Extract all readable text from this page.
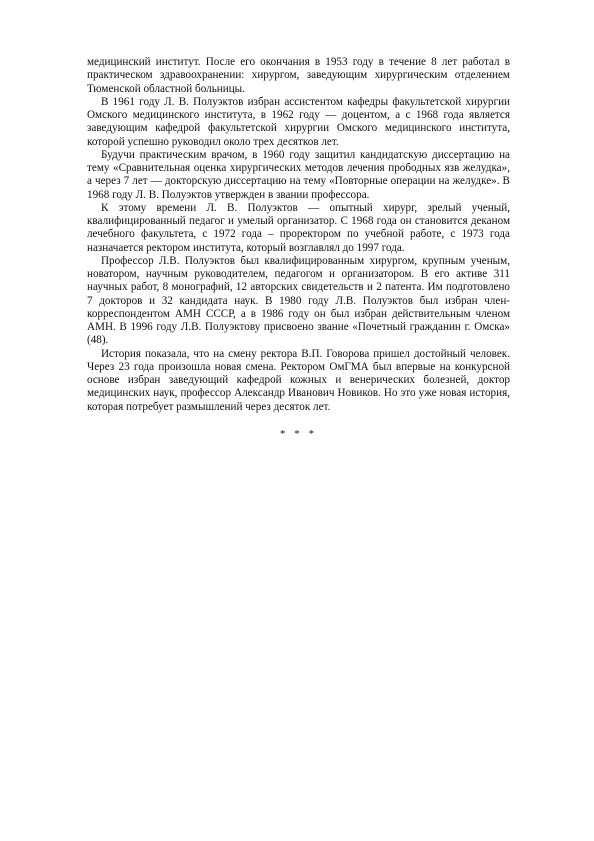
медицинский институт. После его окончания в 1953 году в течение 8 лет работал в практическом здравоохранении: хирургом, заведующим хирургическим отделением Тюменской областной больницы.

В 1961 году Л. В. Полуэктов избран ассистентом кафедры факультетской хирургии Омского медицинского института, в 1962 году — доцентом, а с 1968 года является заведующим кафедрой факультетской хирургии Омского медицинского института, которой успешно руководил около трех десятков лет.

Будучи практическим врачом, в 1960 году защитил кандидатскую диссертацию на тему «Сравнительная оценка хирургических методов лечения прободных язв желудка», а через 7 лет — докторскую диссертацию на тему «Повторные операции на желудке». В 1968 году Л. В. Полуэктов утвержден в звании профессора.

К этому времени Л. В. Полуэктов — опытный хирург, зрелый ученый, квалифицированный педагог и умелый организатор. С 1968 года он становится деканом лечебного факультета, с 1972 года – проректором по учебной работе, с 1973 года назначается ректором института, который возглавлял до 1997 года.

Профессор Л.В. Полуэктов был квалифицированным хирургом, крупным ученым, новатором, научным руководителем, педагогом и организатором. В его активе 311 научных работ, 8 монографий, 12 авторских свидетельств и 2 патента. Им подготовлено 7 докторов и 32 кандидата наук. В 1980 году Л.В. Полуэктов был избран член-корреспондентом АМН СССР, а в 1986 году он был избран действительным членом АМН. В 1996 году Л.В. Полуэктову присвоено звание «Почетный гражданин г. Омска» (48).

История показала, что на смену ректора В.П. Говорова пришел достойный человек. Через 23 года произошла новая смена. Ректором ОмГМА был впервые на конкурсной основе избран заведующий кафедрой кожных и венерических болезней, доктор медицинских наук, профессор Александр Иванович Новиков. Но это уже новая история, которая потребует размышлений через десяток лет.

* * *
